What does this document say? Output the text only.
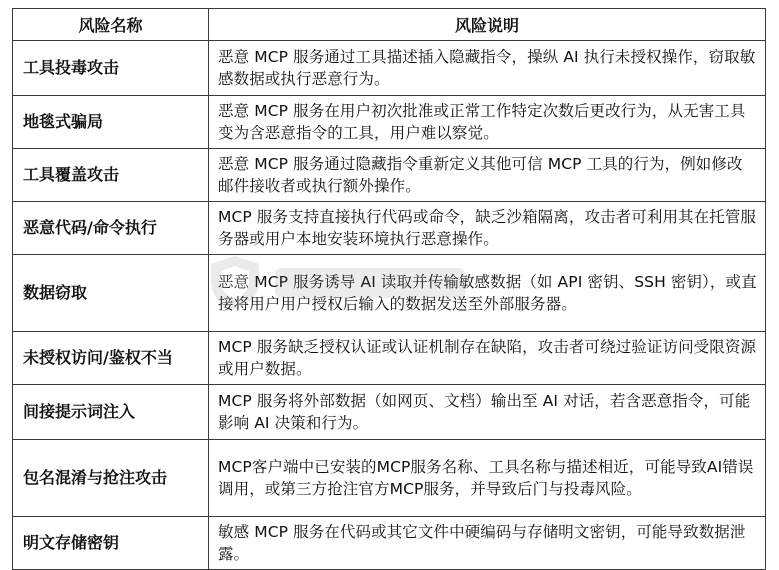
风险名称	风险说明
工具投毒攻击	恶意 MCP 服务通过工具描述插入隐藏指令，操纵 AI 执行未授权操作，窃取敏感数据或执行恶意行为。
地毯式骗局	恶意 MCP 服务在用户初次批准或正常工作特定次数后更改行为，从无害工具变为含恶意指令的工具，用户难以察觉。
工具覆盖攻击	恶意 MCP 服务通过隐藏指令重新定义其他可信 MCP 工具的行为，例如修改邮件接收者或执行额外操作。
恶意代码/命令执行	MCP 服务支持直接执行代码或命令，缺乏沙箱隔离，攻击者可利用其在托管服务器或用户本地安装环境执行恶意操作。
数据窃取	恶意 MCP 服务诱导 AI 读取并传输敏感数据（如 API 密钥、SSH 密钥），或直接将用户用户授权后输入的数据发送至外部服务器。
未授权访问/鉴权不当	MCP 服务缺乏授权认证或认证机制存在缺陷，攻击者可绕过验证访问受限资源或用户数据。
间接提示词注入	MCP 服务将外部数据（如网页、文档）输出至 AI 对话，若含恶意指令，可能影响 AI 决策和行为。
包名混淆与抢注攻击	MCP客户端中已安装的MCP服务名称、工具名称与描述相近，可能导致AI错误调用，或第三方抢注官方MCP服务，并导致后门与投毒风险。
明文存储密钥	敏感 MCP 服务在代码或其它文件中硬编码与存储明文密钥，可能导致数据泄露。
